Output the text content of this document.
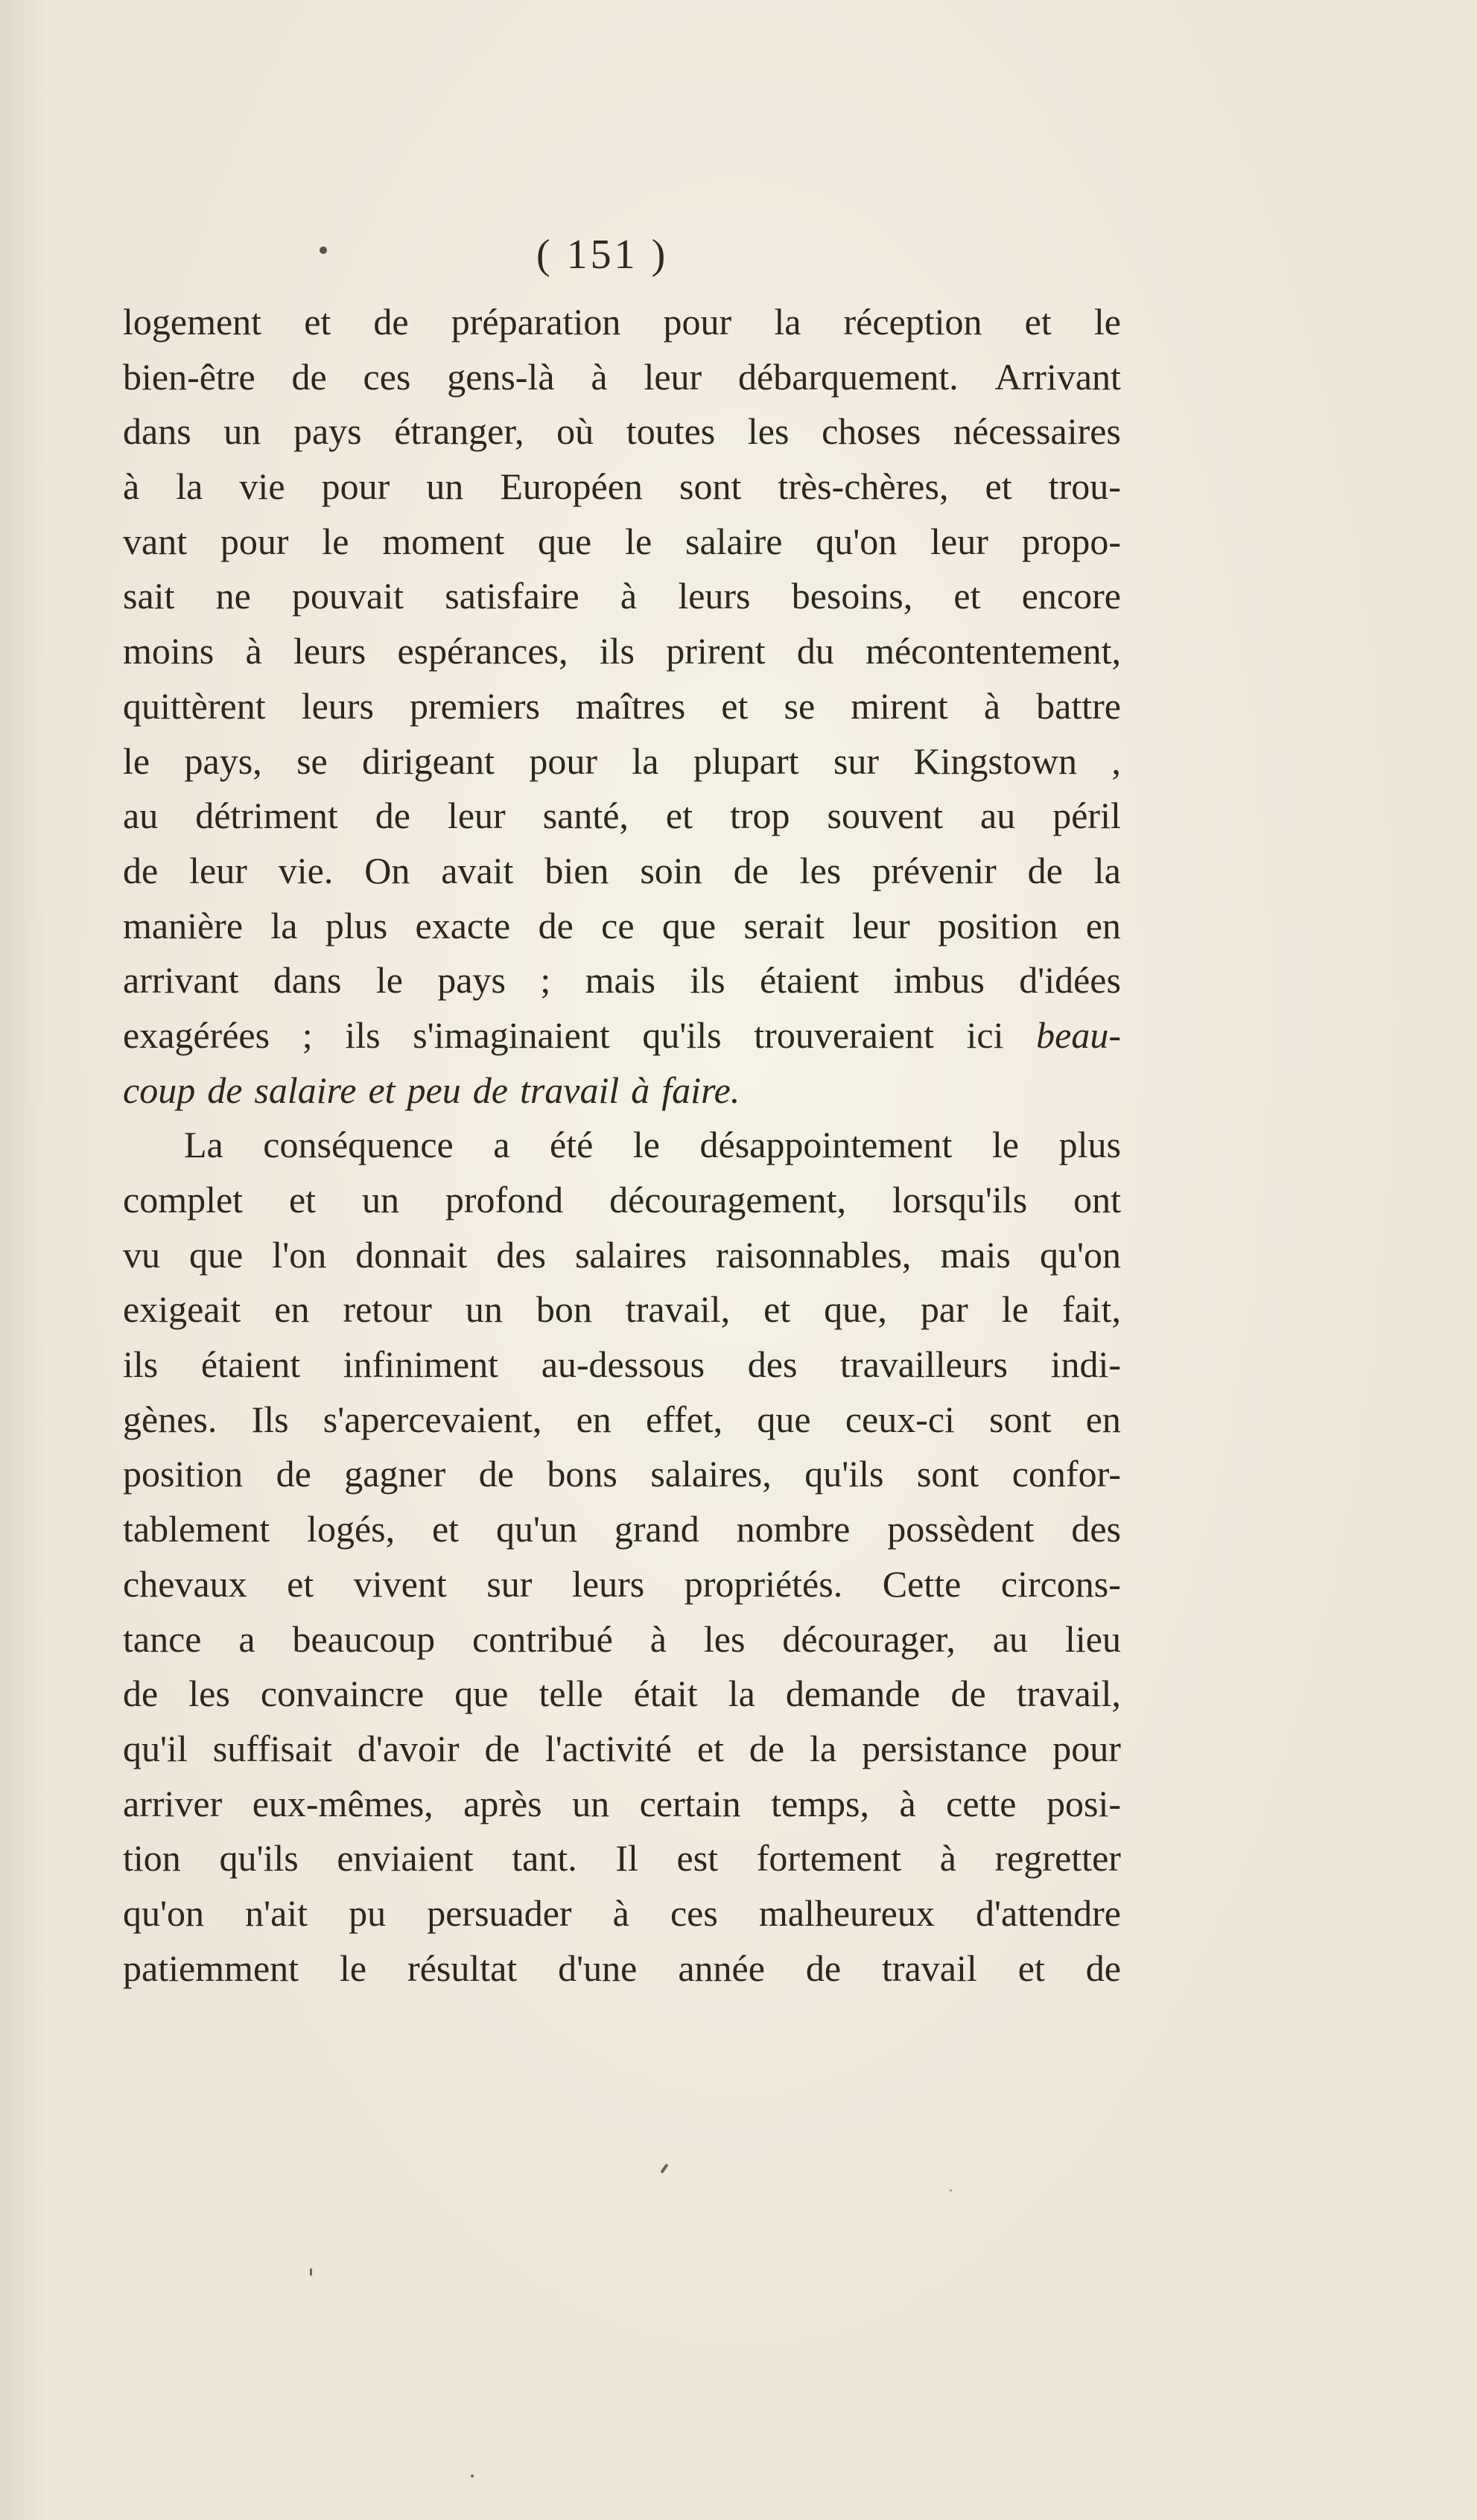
( 151 )
logement et de préparation pour la réception et le
bien-être de ces gens-là à leur débarquement. Arrivant
dans un pays étranger, où toutes les choses nécessaires
à la vie pour un Européen sont très-chères, et trou-
vant pour le moment que le salaire qu'on leur propo-
sait ne pouvait satisfaire à leurs besoins, et encore
moins à leurs espérances, ils prirent du mécontentement,
quittèrent leurs premiers maîtres et se mirent à battre
le pays, se dirigeant pour la plupart sur Kingstown ,
au détriment de leur santé, et trop souvent au péril
de leur vie. On avait bien soin de les prévenir de la
manière la plus exacte de ce que serait leur position en
arrivant dans le pays ; mais ils étaient imbus d'idées
exagérées ; ils s'imaginaient qu'ils trouveraient ici beau-
coup de salaire et peu de travail à faire.
La conséquence a été le désappointement le plus
complet et un profond découragement, lorsqu'ils ont
vu que l'on donnait des salaires raisonnables, mais qu'on
exigeait en retour un bon travail, et que, par le fait,
ils étaient infiniment au-dessous des travailleurs indi-
gènes. Ils s'apercevaient, en effet, que ceux-ci sont en
position de gagner de bons salaires, qu'ils sont confor-
tablement logés, et qu'un grand nombre possèdent des
chevaux et vivent sur leurs propriétés. Cette circons-
tance a beaucoup contribué à les décourager, au lieu
de les convaincre que telle était la demande de travail,
qu'il suffisait d'avoir de l'activité et de la persistance pour
arriver eux-mêmes, après un certain temps, à cette posi-
tion qu'ils enviaient tant. Il est fortement à regretter
qu'on n'ait pu persuader à ces malheureux d'attendre
patiemment le résultat d'une année de travail et de
